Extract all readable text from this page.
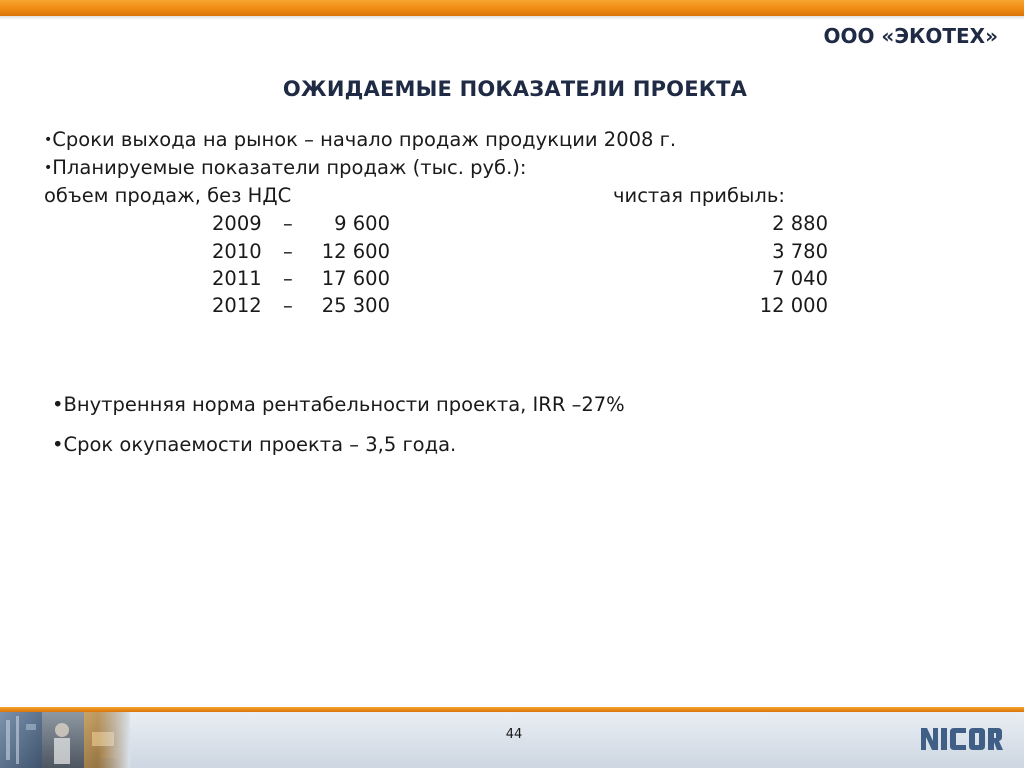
ООО «ЭКОТЕХ»
ОЖИДАЕМЫЕ ПОКАЗАТЕЛИ ПРОЕКТА
•Сроки выхода на рынок – начало продаж продукции 2008 г.
•Планируемые показатели продаж (тыс. руб.):
объем продаж, без НДС	чистая прибыль:
2009	–	9 600	2 880
2010	–	12 600	3 780
2011	–	17 600	7 040
2012	–	25 300	12 000
•Внутренняя норма рентабельности проекта, IRR –27%
•Срок окупаемости проекта – 3,5 года.
44
